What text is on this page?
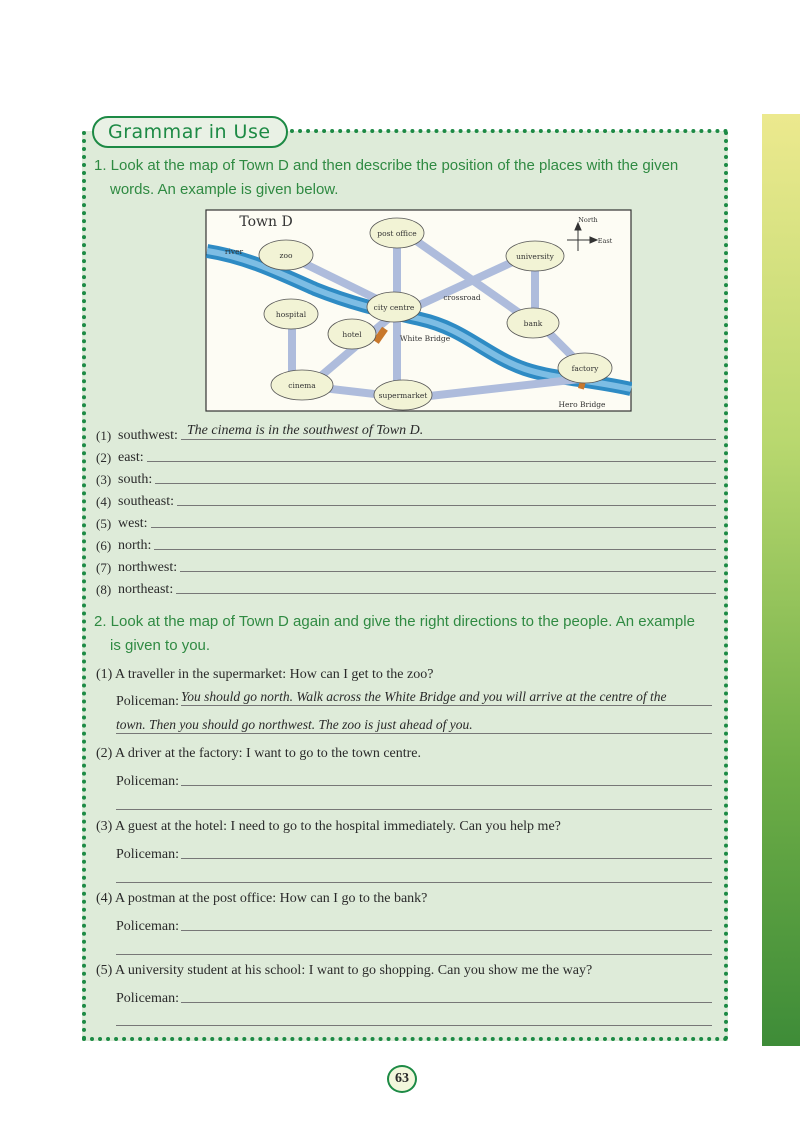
Grammar in Use
1. Look at the map of Town D and then describe the position of the places with the given
words. An example is given below.
Town D	North
East
river	zoo
post office
university
hospital
city centre
crossroad
bank
hotel	White Bridge
factory
cinema
supermarket
Hero Bridge
(1) southwest: The cinema is in the southwest of Town D.
(2) east:
(3) south:
(4) southeast:
(5) west:
(6) north:
(7) northwest:
(8) northeast:
2. Look at the map of Town D again and give the right directions to the people. An example
is given to you.
(1) A traveller in the supermarket: How can I get to the zoo?
Policeman: You should go north. Walk across the White Bridge and you will arrive at the centre of the
town. Then you should go northwest. The zoo is just ahead of you.
(2) A driver at the factory: I want to go to the town centre.
Policeman:
(3) A guest at the hotel: I need to go to the hospital immediately. Can you help me?
Policeman:
(4) A postman at the post office: How can I go to the bank?
Policeman:
(5) A university student at his school: I want to go shopping. Can you show me the way?
Policeman:
63
